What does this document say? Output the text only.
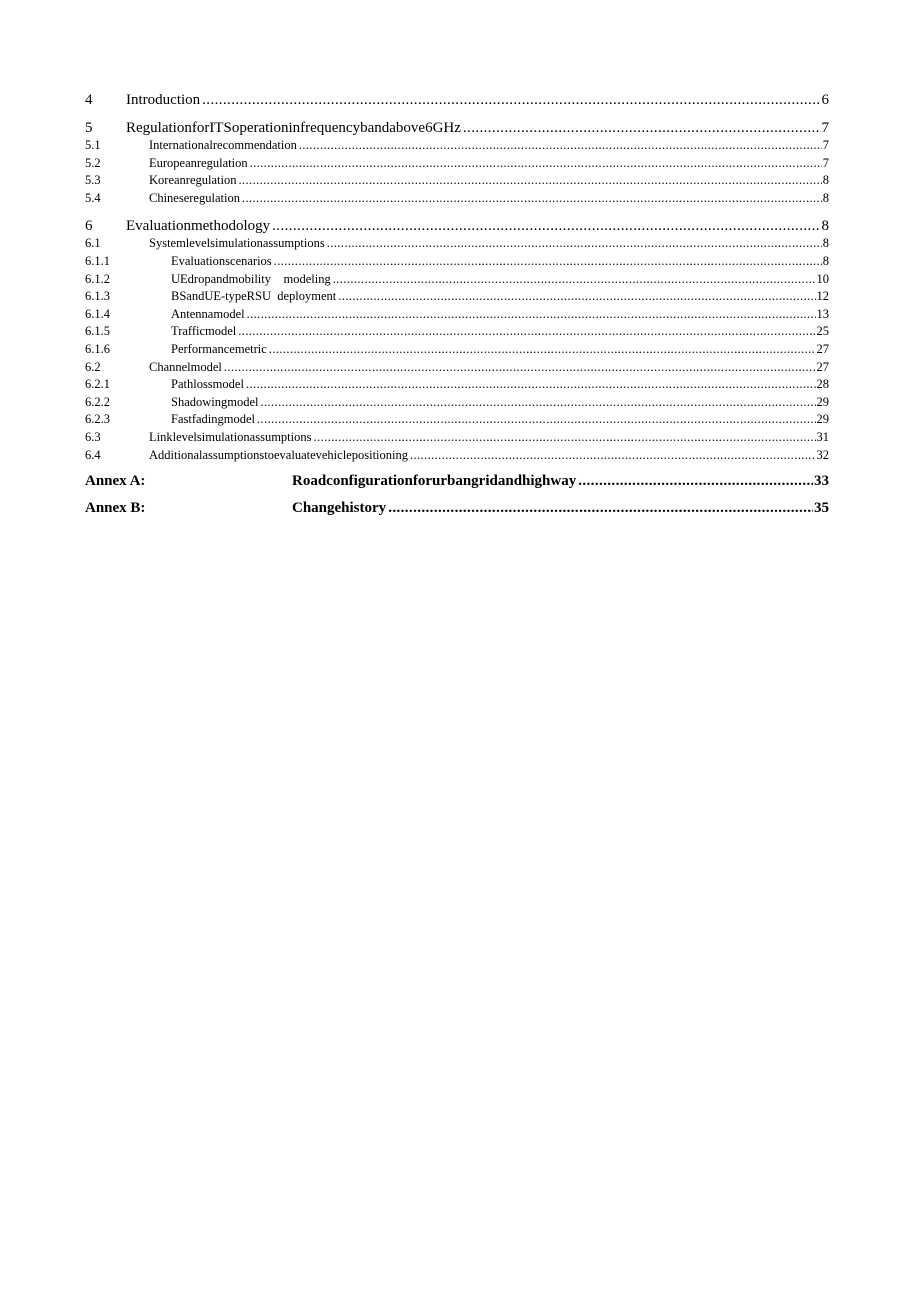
4	Introduction .....	6
5	RegulationforITSoperationinfrequencybandabove6GHz .....	7
5.1	Internationalrecommendation .....	7
5.2	Europeanregulation .....	7
5.3	Koreanregulation .....	8
5.4	Chineseregulation .....	8
6	Evaluationmethodology .....	8
6.1	Systemlevelsimulationassumptions .....	8
6.1.1	Evaluationscenarios .....	8
6.1.2	UEdropandmobility    modeling .....	10
6.1.3	BSandUE-typeRSU  deployment .....	12
6.1.4	Antennamodel .....	13
6.1.5	Trafficmodel .....	25
6.1.6	Performancemetric .....	27
6.2	Channelmodel .....	27
6.2.1	Pathlossmodel .....	28
6.2.2	Shadowingmodel .....	29
6.2.3	Fastfadingmodel .....	29
6.3	Linklevelsimulationassumptions .....	31
6.4	Additionalassumptionstoevaluatevehiclepositioning .....	32
Annex A:	Roadconfigurationforurbangridandhighway .....	33
Annex B:	Changehistory .....	35
